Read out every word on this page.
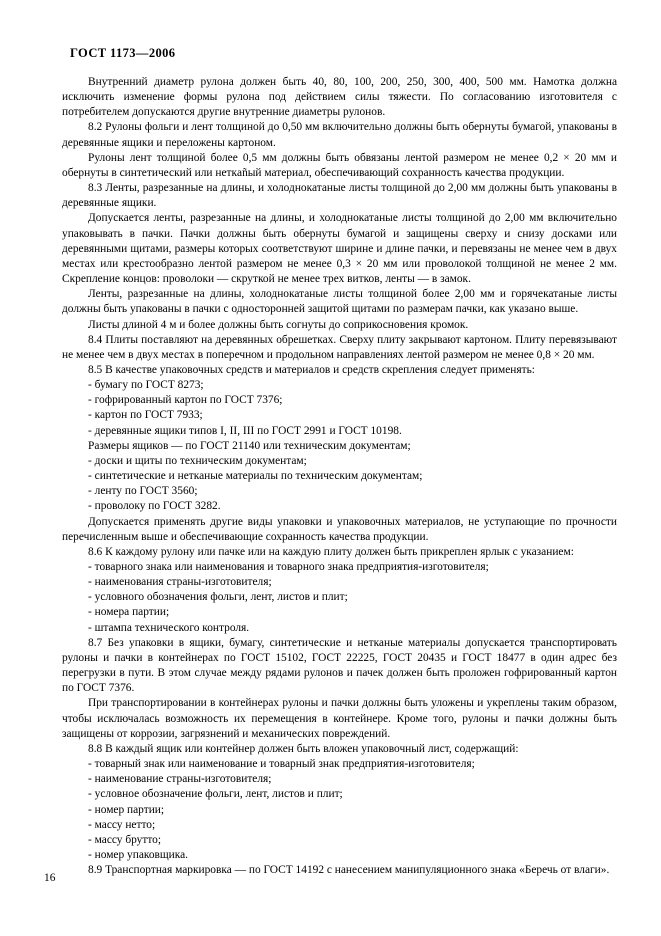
ГОСТ 1173—2006

Внутренний диаметр рулона должен быть 40, 80, 100, 200, 250, 300, 400, 500 мм. Намотка должна исключить изменение формы рулона под действием силы тяжести. По согласованию изготовителя с потребителем допускаются другие внутренние диаметры рулонов.

8.2 Рулоны фольги и лент толщиной до 0,50 мм включительно должны быть обернуты бумагой, упакованы в деревянные ящики и переложены картоном.

Рулоны лент толщиной более 0,5 мм должны быть обвязаны лентой размером не менее 0,2 × 20 мм и обернуты в синтетический или неткañый материал, обеспечивающий сохранность качества продукции.

8.3 Ленты, разрезанные на длины, и холоднокатаные листы толщиной до 2,00 мм должны быть упакованы в деревянные ящики.

Допускается ленты, разрезанные на длины, и холоднокатаные листы толщиной до 2,00 мм включительно упаковывать в пачки. Пачки должны быть обернуты бумагой и защищены сверху и снизу досками или деревянными щитами, размеры которых соответствуют ширине и длине пачки, и перевязаны не менее чем в двух местах или крестообразно лентой размером не менее 0,3 × 20 мм или проволокой толщиной не менее 2 мм. Скрепление концов: проволоки — скруткой не менее трех витков, ленты — в замок.

Ленты, разрезанные на длины, холоднокатаные листы толщиной более 2,00 мм и горячекатаные листы должны быть упакованы в пачки с односторонней защитой щитами по размерам пачки, как указано выше.

Листы длиной 4 м и более должны быть согнуты до соприкосновения кромок.

8.4 Плиты поставляют на деревянных обрешетках. Сверху плиту закрывают картоном. Плиту перевязывают не менее чем в двух местах в поперечном и продольном направлениях лентой размером не менее 0,8 × 20 мм.

8.5 В качестве упаковочных средств и материалов и средств скрепления следует применять:

- бумагу по ГОСТ 8273;

- гофрированный картон по ГОСТ 7376;

- картон по ГОСТ 7933;

- деревянные ящики типов I, II, III по ГОСТ 2991 и ГОСТ 10198.

Размеры ящиков — по ГОСТ 21140 или техническим документам;

- доски и щиты по техническим документам;

- синтетические и нетканые материалы по техническим документам;

- ленту по ГОСТ 3560;

- проволоку по ГОСТ 3282.

Допускается применять другие виды упаковки и упаковочных материалов, не уступающие по прочности перечисленным выше и обеспечивающие сохранность качества продукции.

8.6 К каждому рулону или пачке или на каждую плиту должен быть прикреплен ярлык с указанием:

- товарного знака или наименования и товарного знака предприятия-изготовителя;

- наименования страны-изготовителя;

- условного обозначения фольги, лент, листов и плит;

- номера партии;

- штампа технического контроля.

8.7 Без упаковки в ящики, бумагу, синтетические и нетканые материалы допускается транспортировать рулоны и пачки в контейнерах по ГОСТ 15102, ГОСТ 22225, ГОСТ 20435 и ГОСТ 18477 в один адрес без перегрузки в пути. В этом случае между рядами рулонов и пачек должен быть проложен гофрированный картон по ГОСТ 7376.

При транспортировании в контейнерах рулоны и пачки должны быть уложены и укреплены таким образом, чтобы исключалась возможность их перемещения в контейнере. Кроме того, рулоны и пачки должны быть защищены от коррозии, загрязнений и механических повреждений.

8.8 В каждый ящик или контейнер должен быть вложен упаковочный лист, содержащий:

- товарный знак или наименование и товарный знак предприятия-изготовителя;

- наименование страны-изготовителя;

- условное обозначение фольги, лент, листов и плит;

- номер партии;

- массу нетто;

- массу брутто;

- номер упаковщика.

8.9 Транспортная маркировка — по ГОСТ 14192 с нанесением манипуляционного знака «Беречь от влаги».

16
